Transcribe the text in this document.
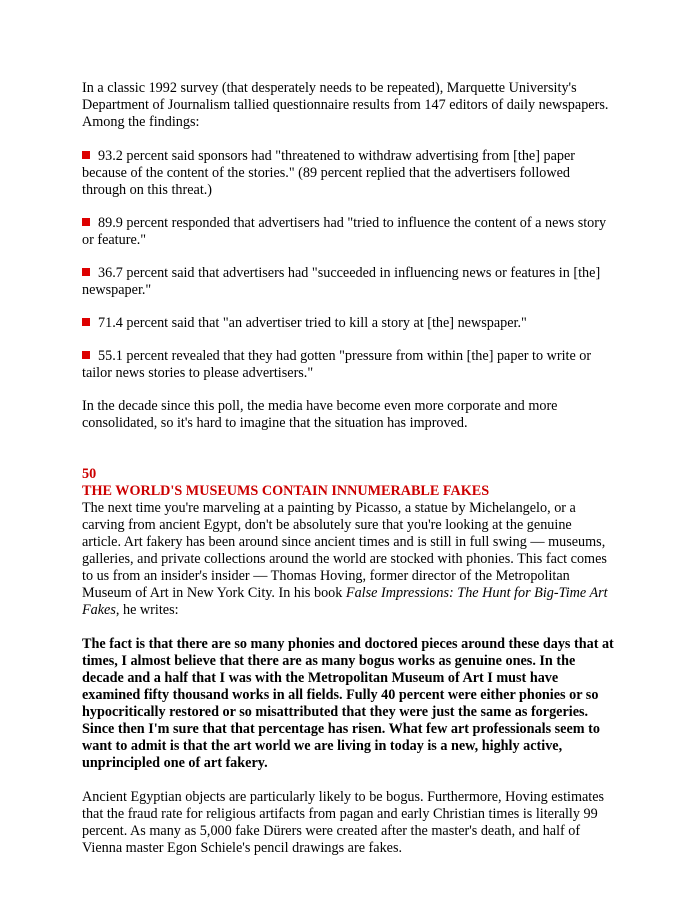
In a classic 1992 survey (that desperately needs to be repeated), Marquette University's Department of Journalism tallied questionnaire results from 147 editors of daily newspapers. Among the findings:

93.2 percent said sponsors had "threatened to withdraw advertising from [the] paper because of the content of the stories." (89 percent replied that the advertisers followed through on this threat.)
89.9 percent responded that advertisers had "tried to influence the content of a news story or feature."
36.7 percent said that advertisers had "succeeded in influencing news or features in [the] newspaper."
71.4 percent said that "an advertiser tried to kill a story at [the] newspaper."
55.1 percent revealed that they had gotten "pressure from within [the] paper to write or tailor news stories to please advertisers."

In the decade since this poll, the media have become even more corporate and more consolidated, so it's hard to imagine that the situation has improved.

50
THE WORLD'S MUSEUMS CONTAIN INNUMERABLE FAKES

The next time you're marveling at a painting by Picasso, a statue by Michelangelo, or a carving from ancient Egypt, don't be absolutely sure that you're looking at the genuine article. Art fakery has been around since ancient times and is still in full swing — museums, galleries, and private collections around the world are stocked with phonies. This fact comes to us from an insider's insider — Thomas Hoving, former director of the Metropolitan Museum of Art in New York City. In his book False Impressions: The Hunt for Big-Time Art Fakes, he writes:

The fact is that there are so many phonies and doctored pieces around these days that at times, I almost believe that there are as many bogus works as genuine ones. In the decade and a half that I was with the Metropolitan Museum of Art I must have examined fifty thousand works in all fields. Fully 40 percent were either phonies or so hypocritically restored or so misattributed that they were just the same as forgeries. Since then I'm sure that that percentage has risen. What few art professionals seem to want to admit is that the art world we are living in today is a new, highly active, unprincipled one of art fakery.

Ancient Egyptian objects are particularly likely to be bogus. Furthermore, Hoving estimates that the fraud rate for religious artifacts from pagan and early Christian times is literally 99 percent. As many as 5,000 fake Dürers were created after the master's death, and half of Vienna master Egon Schiele's pencil drawings are fakes.
